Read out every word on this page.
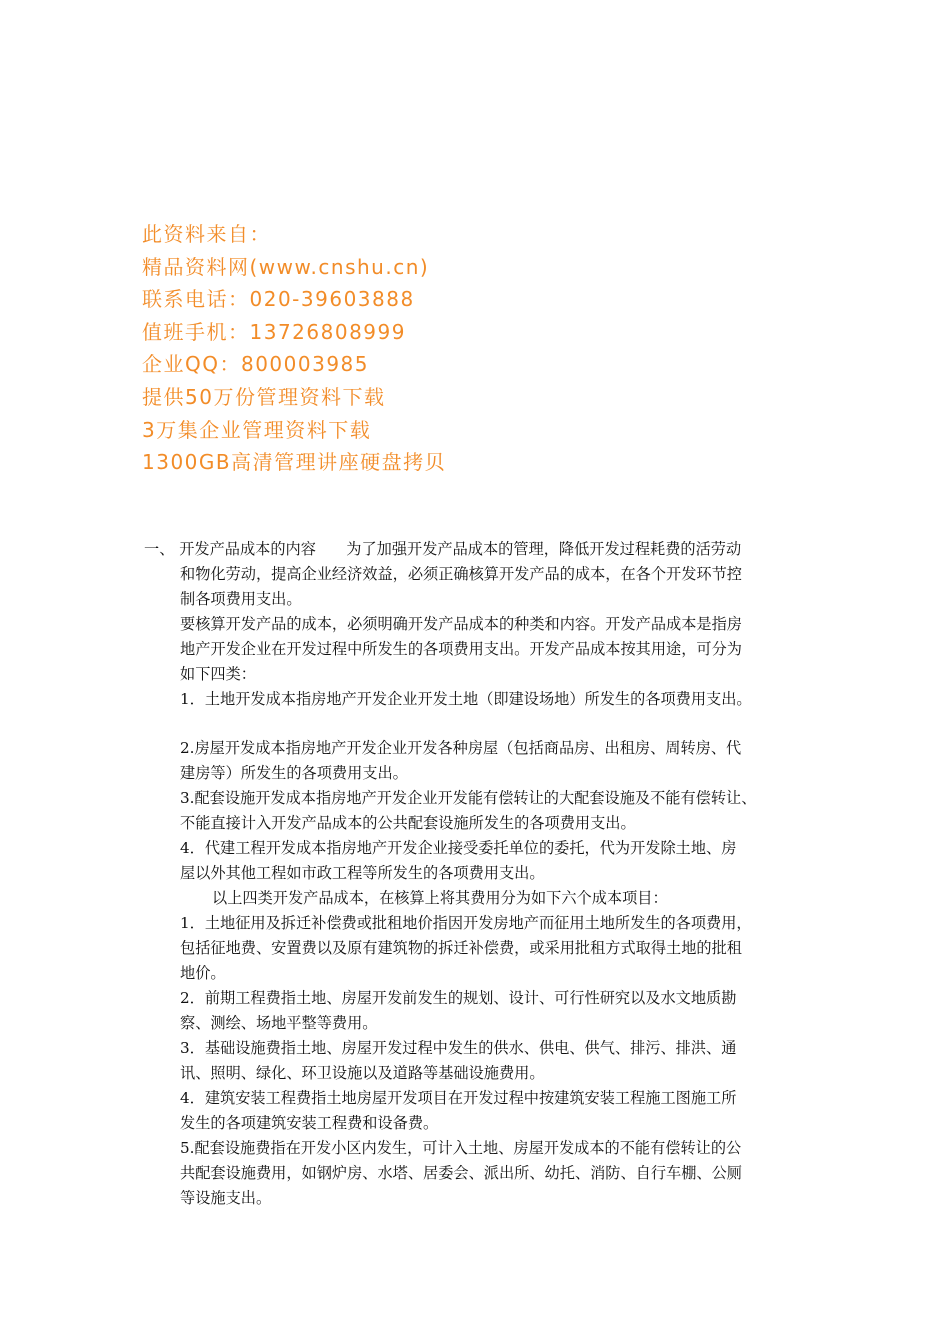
此资料来自：
精品资料网(www.cnshu.cn)
联系电话：020-39603888
值班手机：13726808999
企业QQ：800003985
提供50万份管理资料下载
3万集企业管理资料下载
1300GB高清管理讲座硬盘拷贝
一、 开发产品成本的内容　　为了加强开发产品成本的管理，降低开发过程耗费的活劳动
和物化劳动，提高企业经济效益，必须正确核算开发产品的成本，在各个开发环节控
制各项费用支出。
要核算开发产品的成本，必须明确开发产品成本的种类和内容。开发产品成本是指房
地产开发企业在开发过程中所发生的各项费用支出。开发产品成本按其用途，可分为
如下四类：
1．土地开发成本指房地产开发企业开发土地（即建设场地）所发生的各项费用支出。
2.房屋开发成本指房地产开发企业开发各种房屋（包括商品房、出租房、周转房、代
建房等）所发生的各项费用支出。
3.配套设施开发成本指房地产开发企业开发能有偿转让的大配套设施及不能有偿转让、
不能直接计入开发产品成本的公共配套设施所发生的各项费用支出。
4．代建工程开发成本指房地产开发企业接受委托单位的委托，代为开发除土地、房
屋以外其他工程如市政工程等所发生的各项费用支出。
以上四类开发产品成本，在核算上将其费用分为如下六个成本项目：
1．土地征用及拆迁补偿费或批租地价指因开发房地产而征用土地所发生的各项费用，
包括征地费、安置费以及原有建筑物的拆迁补偿费，或采用批租方式取得土地的批租
地价。
2．前期工程费指土地、房屋开发前发生的规划、设计、可行性研究以及水文地质勘
察、测绘、场地平整等费用。
3．基础设施费指土地、房屋开发过程中发生的供水、供电、供气、排污、排洪、通
讯、照明、绿化、环卫设施以及道路等基础设施费用。
4．建筑安装工程费指土地房屋开发项目在开发过程中按建筑安装工程施工图施工所
发生的各项建筑安装工程费和设备费。
5.配套设施费指在开发小区内发生，可计入土地、房屋开发成本的不能有偿转让的公
共配套设施费用，如钢炉房、水塔、居委会、派出所、幼托、消防、自行车棚、公厕
等设施支出。
